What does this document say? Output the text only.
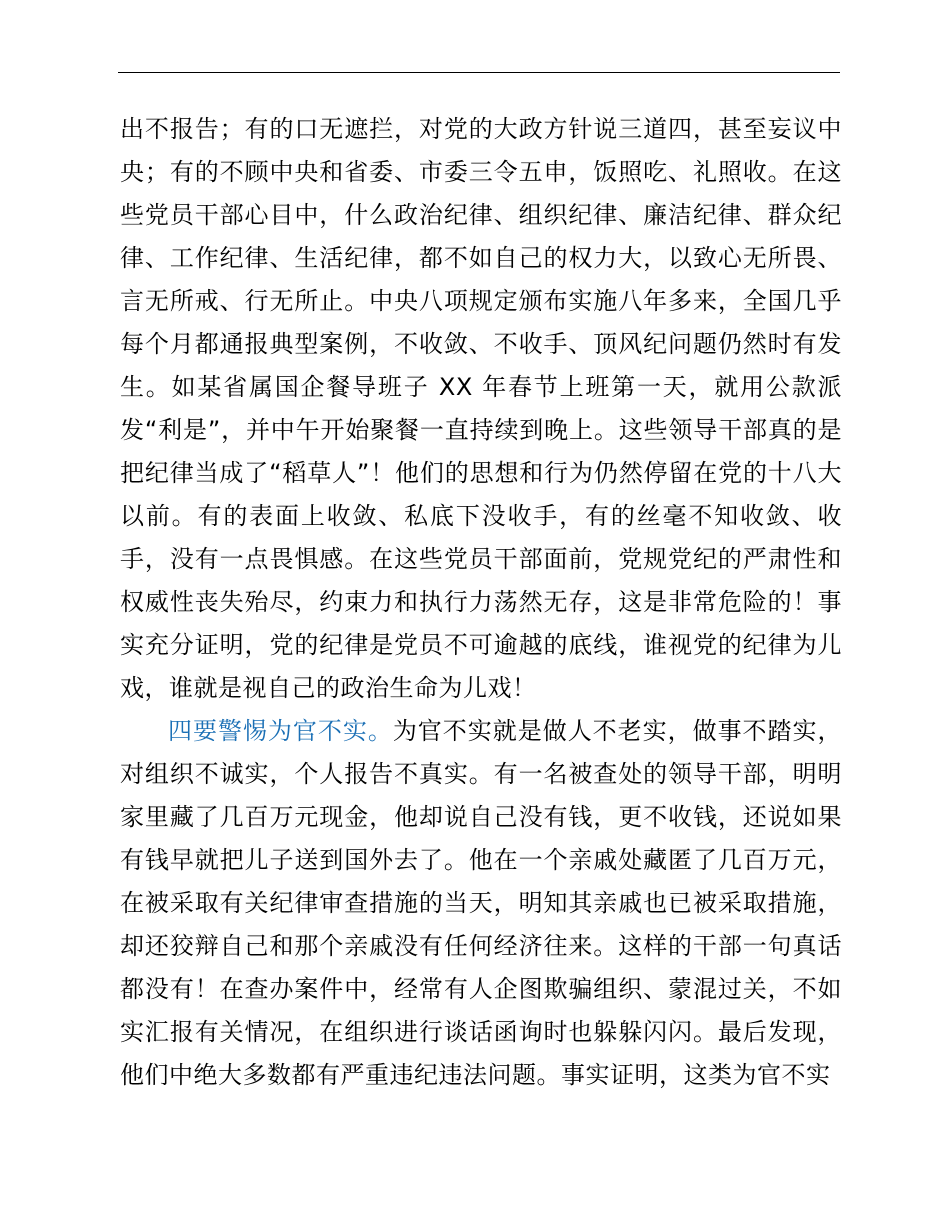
出不报告；有的口无遮拦，对党的大政方针说三道四，甚至妄议中央；有的不顾中央和省委、市委三令五申，饭照吃、礼照收。在这些党员干部心目中，什么政治纪律、组织纪律、廉洁纪律、群众纪律、工作纪律、生活纪律，都不如自己的权力大，以致心无所畏、言无所戒、行无所止。中央八项规定颁布实施八年多来，全国几乎每个月都通报典型案例，不收敛、不收手、顶风纪问题仍然时有发生。如某省属国企餐导班子 XX 年春节上班第一天，就用公款派发“利是”，并中午开始聚餐一直持续到晚上。这些领导干部真的是把纪律当成了“稻草人”！他们的思想和行为仍然停留在党的十八大以前。有的表面上收敛、私底下没收手，有的丝毫不知收敛、收手，没有一点畏惧感。在这些党员干部面前，党规党纪的严肃性和权威性丧失殆尽，约束力和执行力荡然无存，这是非常危险的！事实充分证明，党的纪律是党员不可逾越的底线，谁视党的纪律为儿戏，谁就是视自己的政治生命为儿戏！

四要警惕为官不实。为官不实就是做人不老实，做事不踏实，对组织不诚实，个人报告不真实。有一名被查处的领导干部，明明家里藏了几百万元现金，他却说自己没有钱，更不收钱，还说如果有钱早就把儿子送到国外去了。他在一个亲戚处藏匿了几百万元，在被采取有关纪律审查措施的当天，明知其亲戚也已被采取措施，却还狡辩自己和那个亲戚没有任何经济往来。这样的干部一句真话都没有！在查办案件中，经常有人企图欺骗组织、蒙混过关，不如实汇报有关情况，在组织进行谈话函询时也躲躲闪闪。最后发现，他们中绝大多数都有严重违纪违法问题。事实证明，这类为官不实
